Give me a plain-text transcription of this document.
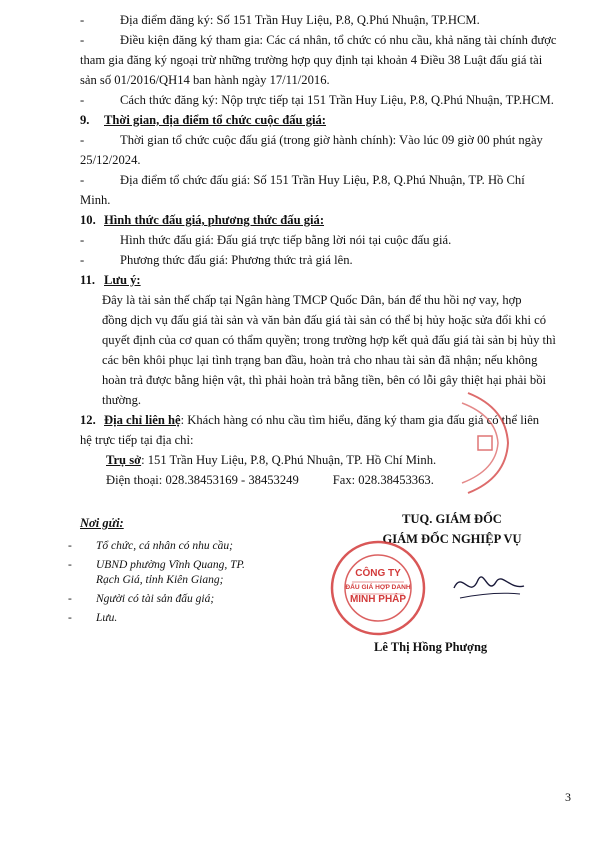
-	Địa điểm đăng ký: Số 151 Trần Huy Liệu, P.8, Q.Phú Nhuận, TP.HCM.
-	Điều kiện đăng ký tham gia: Các cá nhân, tổ chức có nhu cầu, khả năng tài chính được
tham gia đăng ký ngoại trừ những trường hợp quy định tại khoản 4 Điều 38 Luật đấu giá tài
sản số 01/2016/QH14 ban hành ngày 17/11/2016.
-	Cách thức đăng ký: Nộp trực tiếp tại 151 Trần Huy Liệu, P.8, Q.Phú Nhuận, TP.HCM.
9. Thời gian, địa điểm tổ chức cuộc đấu giá:
-	Thời gian tổ chức cuộc đấu giá (trong giờ hành chính): Vào lúc 09 giờ 00 phút ngày
25/12/2024.
-	Địa điểm tổ chức đấu giá: Số 151 Trần Huy Liệu, P.8, Q.Phú Nhuận, TP. Hồ Chí
Minh.
10. Hình thức đấu giá, phương thức đấu giá:
-	Hình thức đấu giá: Đấu giá trực tiếp bằng lời nói tại cuộc đấu giá.
-	Phương thức đấu giá: Phương thức trả giá lên.
11. Lưu ý:
Đây là tài sản thế chấp tại Ngân hàng TMCP Quốc Dân, bán để thu hồi nợ vay, hợp
đồng dịch vụ đấu giá tài sản và văn bản đấu giá tài sản có thể bị hủy hoặc sửa đổi khi có
quyết định của cơ quan có thẩm quyền; trong trường hợp kết quả đấu giá tài sản bị hủy thì
các bên khôi phục lại tình trạng ban đầu, hoàn trả cho nhau tài sản đã nhận; nếu không
hoàn trả được bằng hiện vật, thì phải hoàn trả bằng tiền, bên có lỗi gây thiệt hại phải bồi
thường.
12. Địa chỉ liên hệ: Khách hàng có nhu cầu tìm hiểu, đăng ký tham gia đấu giá có thể liên
hệ trực tiếp tại địa chỉ:
Trụ sở: 151 Trần Huy Liệu, P.8, Q.Phú Nhuận, TP. Hồ Chí Minh.
Điện thoại: 028.38453169 - 38453249	Fax: 028.38453363.
Nơi gửi:
- Tổ chức, cá nhân có nhu cầu;
- UBND phường Vĩnh Quang, TP. Rạch Giá, tỉnh Kiên Giang;
- Người có tài sản đấu giá;
- Lưu.
TUQ. GIÁM ĐỐC
GIÁM ĐỐC NGHIỆP VỤ
Lê Thị Hồng Phượng
CÔNG TY
ĐẤU GIÁ HỢP DANH
MINH PHÁP
3
